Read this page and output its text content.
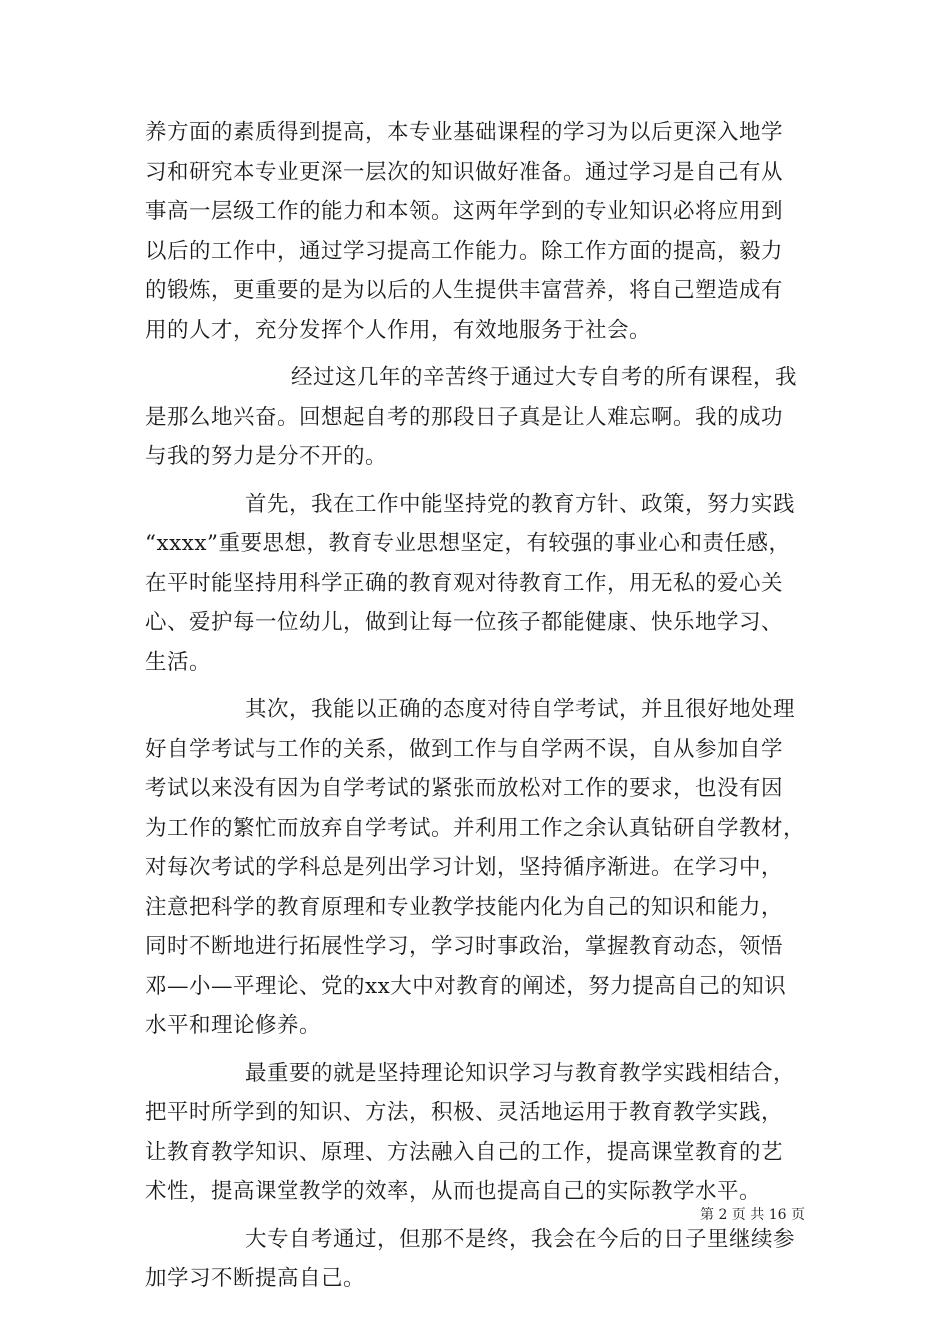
养方面的素质得到提高，本专业基础课程的学习为以后更深入地学
习和研究本专业更深一层次的知识做好准备。通过学习是自己有从
事高一层级工作的能力和本领。这两年学到的专业知识必将应用到
以后的工作中，通过学习提高工作能力。除工作方面的提高，毅力
的锻炼，更重要的是为以后的人生提供丰富营养，将自己塑造成有
用的人才，充分发挥个人作用，有效地服务于社会。
经过这几年的辛苦终于通过大专自考的所有课程，我
是那么地兴奋。回想起自考的那段日子真是让人难忘啊。我的成功
与我的努力是分不开的。
首先，我在工作中能坚持党的教育方针、政策，努力实践
“xxxx”重要思想，教育专业思想坚定，有较强的事业心和责任感，
在平时能坚持用科学正确的教育观对待教育工作，用无私的爱心关
心、爱护每一位幼儿，做到让每一位孩子都能健康、快乐地学习、
生活。
其次，我能以正确的态度对待自学考试，并且很好地处理
好自学考试与工作的关系，做到工作与自学两不误，自从参加自学
考试以来没有因为自学考试的紧张而放松对工作的要求，也没有因
为工作的繁忙而放弃自学考试。并利用工作之余认真钻研自学教材，
对每次考试的学科总是列出学习计划，坚持循序渐进。在学习中，
注意把科学的教育原理和专业教学技能内化为自己的知识和能力，
同时不断地进行拓展性学习，学习时事政治，掌握教育动态，领悟
邓—小—平理论、党的xx大中对教育的阐述，努力提高自己的知识
水平和理论修养。
最重要的就是坚持理论知识学习与教育教学实践相结合，
把平时所学到的知识、方法，积极、灵活地运用于教育教学实践，
让教育教学知识、原理、方法融入自己的工作，提高课堂教育的艺
术性，提高课堂教学的效率，从而也提高自己的实际教学水平。
大专自考通过，但那不是终，我会在今后的日子里继续参
加学习不断提高自己。
第 2 页 共 16 页
